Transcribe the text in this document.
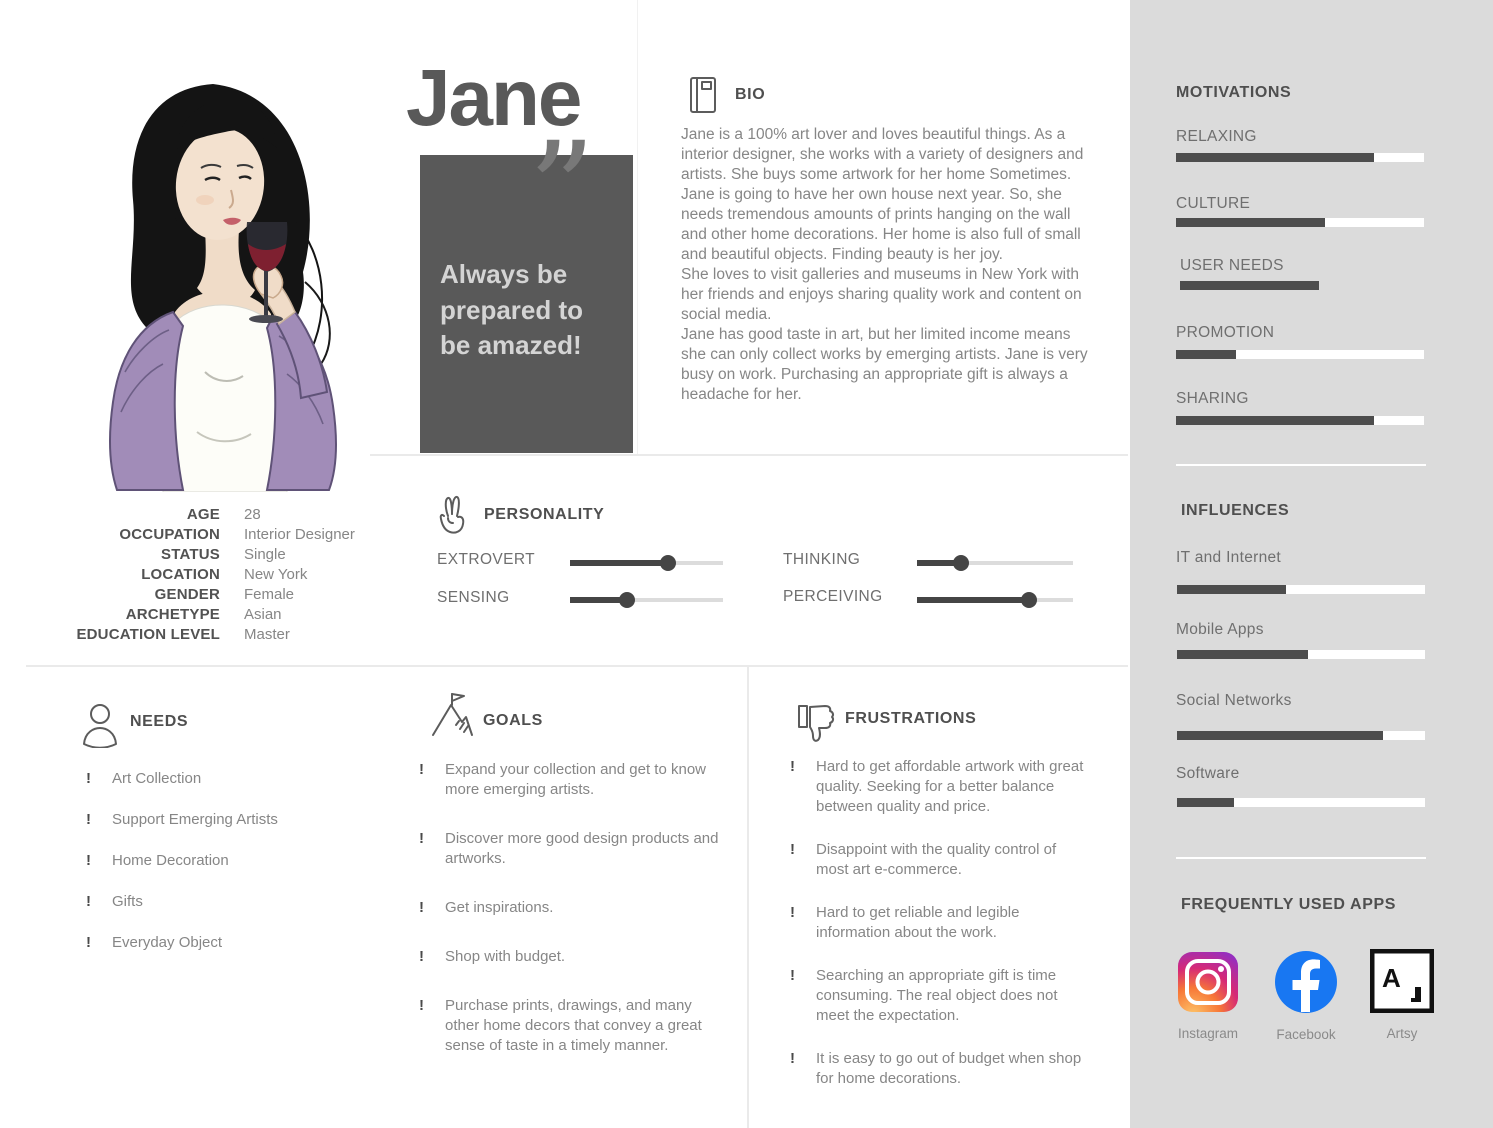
Jane
”
Always be prepared to be amazed!
BIO
Jane is a 100% art lover and loves beautiful things. As a interior designer, she works with a variety of designers and artists. She buys some artwork for her home Sometimes. Jane is going to have her own house next year. So, she needs tremendous amounts of prints hanging on the wall and other home decorations. Her home is also full of small and beautiful objects. Finding beauty is her joy.
She loves to visit galleries and museums in New York with her friends and enjoys sharing quality work and content on social media.
Jane has good taste in art, but her limited income means she can only collect works by emerging artists. Jane is very busy on work. Purchasing an appropriate gift is always a headache for her.
AGE 28
OCCUPATION Interior Designer
STATUS Single
LOCATION New York
GENDER Female
ARCHETYPE Asian
EDUCATION LEVEL Master
PERSONALITY
EXTROVERT
SENSING
THINKING
PERCEIVING
NEEDS
!	Art Collection
!	Support Emerging Artists
!	Home Decoration
!	Gifts
!	Everyday Object
GOALS
!	Expand your collection and get to know more emerging artists.
!	Discover more good design products and artworks.
!	Get inspirations.
!	Shop with budget.
!	Purchase prints, drawings, and many other home decors that convey a great sense of taste in a timely manner.
FRUSTRATIONS
!	Hard to get affordable artwork with great quality. Seeking for a better balance between quality and price.
!	Disappoint with the quality control of most art e-commerce.
!	Hard to get reliable and legible information about the work.
!	Searching an appropriate gift is time consuming. The real object does not meet the expectation.
!	It is easy to go out of budget when shop for home decorations.
MOTIVATIONS
RELAXING
CULTURE
USER NEEDS
PROMOTION
SHARING
INFLUENCES
IT and Internet
Mobile Apps
Social Networks
Software
FREQUENTLY USED APPS
Instagram	Facebook
A
Artsy
